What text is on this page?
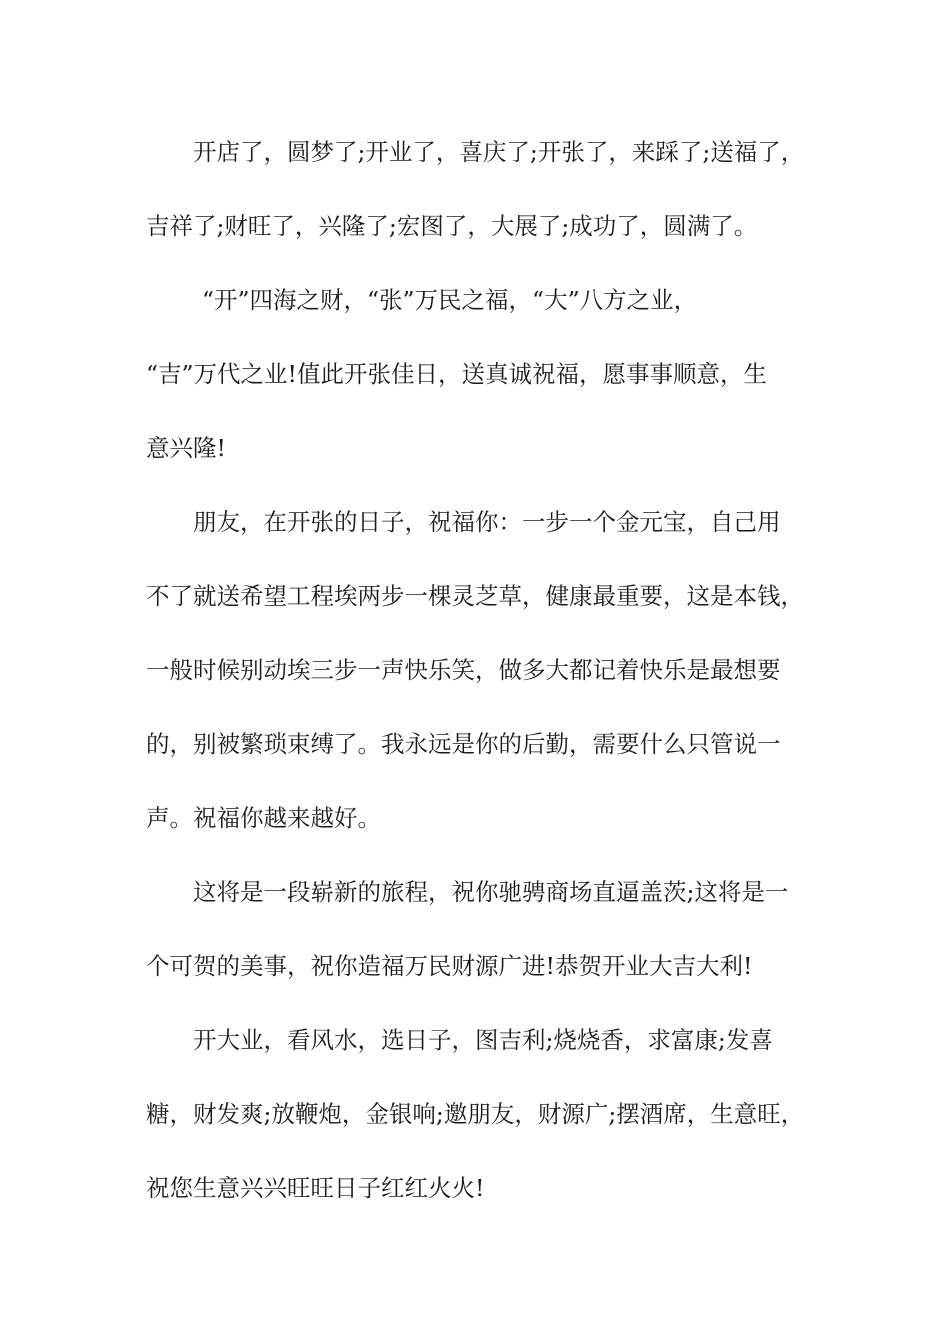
开店了，圆梦了;开业了，喜庆了;开张了，来踩了;送福了，
吉祥了;财旺了，兴隆了;宏图了，大展了;成功了，圆满了。
“开”四海之财，“张”万民之福，“大”八方之业，
“吉”万代之业!值此开张佳日，送真诚祝福，愿事事顺意，生
意兴隆!
朋友，在开张的日子，祝福你：一步一个金元宝，自己用
不了就送希望工程埃两步一棵灵芝草，健康最重要，这是本钱，
一般时候别动埃三步一声快乐笑，做多大都记着快乐是最想要
的，别被繁琐束缚了。我永远是你的后勤，需要什么只管说一
声。祝福你越来越好。
这将是一段崭新的旅程，祝你驰骋商场直逼盖茨;这将是一
个可贺的美事，祝你造福万民财源广进!恭贺开业大吉大利!
开大业，看风水，选日子，图吉利;烧烧香，求富康;发喜
糖，财发爽;放鞭炮，金银响;邀朋友，财源广;摆酒席，生意旺，
祝您生意兴兴旺旺日子红红火火!
